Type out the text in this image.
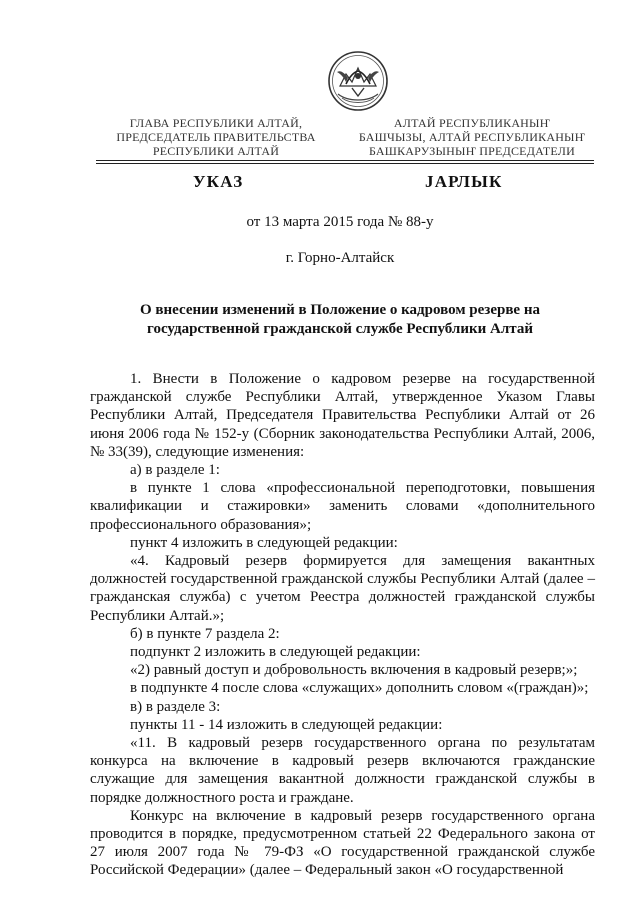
ГЛАВА РЕСПУБЛИКИ АЛТАЙ,
ПРЕДСЕДАТЕЛЬ ПРАВИТЕЛЬСТВА
РЕСПУБЛИКИ АЛТАЙ
АЛТАЙ РЕСПУБЛИКАНЫҤ
БАШЧЫЗЫ, АЛТАЙ РЕСПУБЛИКАНЫҤ
БАШКАРУЗЫНЫҤ ПРЕДСЕДАТЕЛИ
УКАЗ	JАРЛЫК
от 13 марта 2015 года № 88-у
г. Горно-Алтайск
О внесении изменений в Положение о кадровом резерве на
государственной гражданской службе Республики Алтай

1. Внести в Положение о кадровом резерве на государственной гражданской службе Республики Алтай, утвержденное Указом Главы Республики Алтай, Председателя Правительства Республики Алтай от 26 июня 2006 года № 152-у (Сборник законодательства Республики Алтай, 2006, № 33(39), следующие изменения:

а) в разделе 1:

в пункте 1 слова «профессиональной переподготовки, повышения квалификации и стажировки» заменить словами «дополнительного профессионального образования»;

пункт 4 изложить в следующей редакции:

«4. Кадровый резерв формируется для замещения вакантных должностей государственной гражданской службы Республики Алтай (далее – гражданская служба) с учетом Реестра должностей гражданской службы Республики Алтай.»;

б) в пункте 7 раздела 2:

подпункт 2 изложить в следующей редакции:

«2) равный доступ и добровольность включения в кадровый резерв;»;

в подпункте 4 после слова «служащих» дополнить словом «(граждан)»;

в) в разделе 3:

пункты 11 - 14 изложить в следующей редакции:

«11. В кадровый резерв государственного органа по результатам конкурса на включение в кадровый резерв включаются гражданские служащие для замещения вакантной должности гражданской службы в порядке должностного роста и граждане.

Конкурс на включение в кадровый резерв государственного органа проводится в порядке, предусмотренном статьей 22 Федерального закона от 27 июля 2007 года № 79-ФЗ «О государственной гражданской службе Российской Федерации» (далее – Федеральный закон «О государственной
